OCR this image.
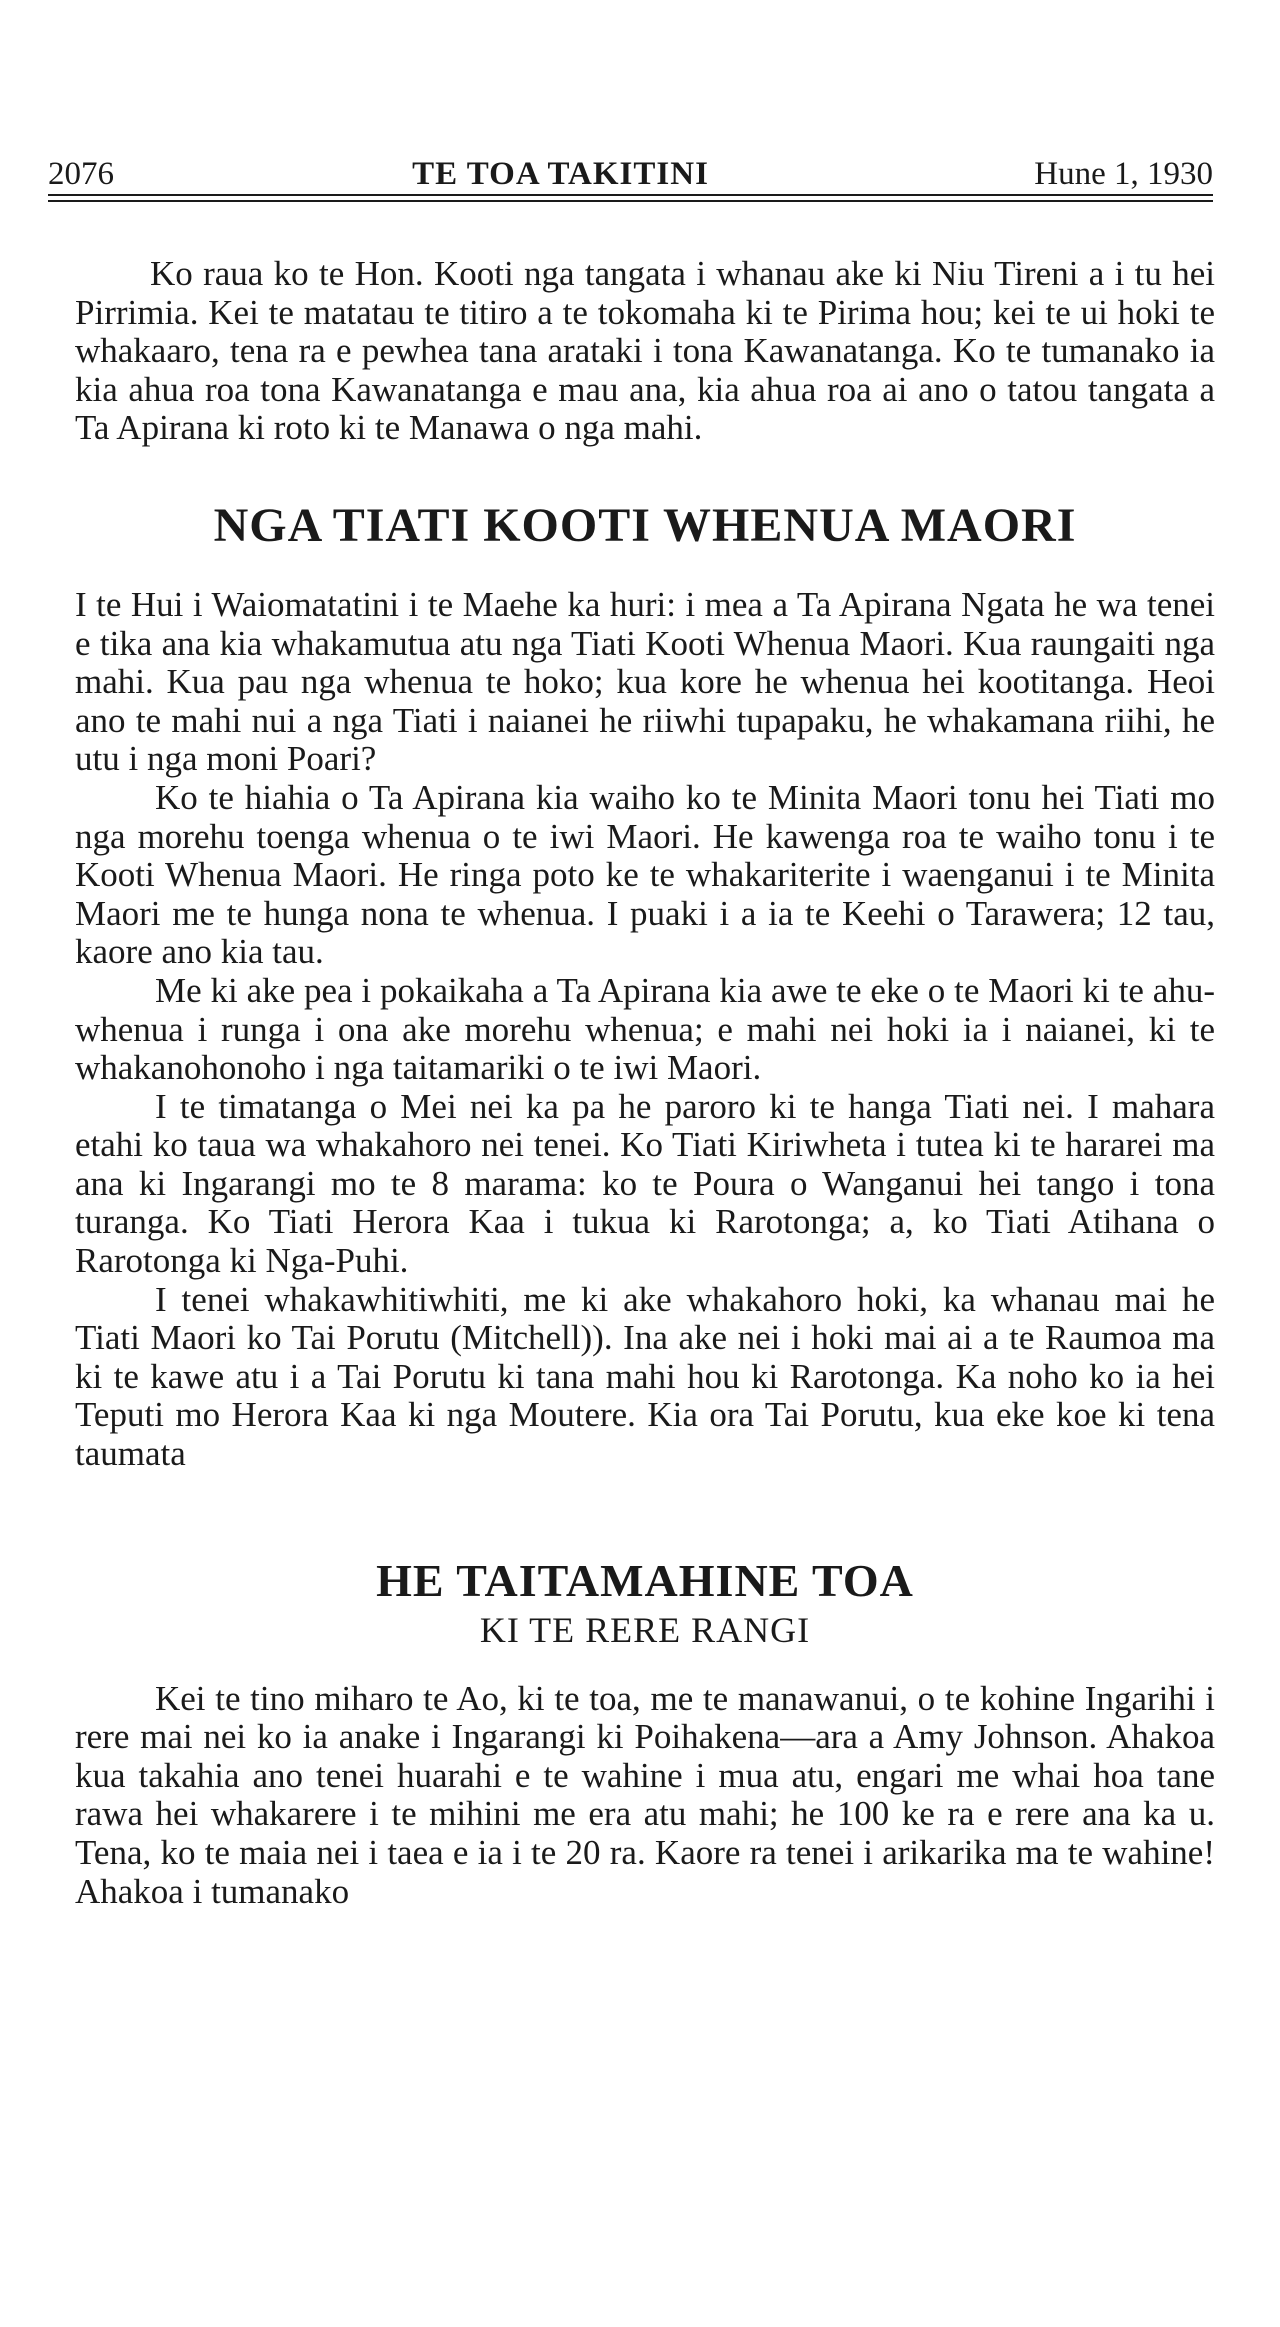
2076	TE TOA TAKITINI	Hune 1, 1930

Ko raua ko te Hon. Kooti nga tangata i whanau ake ki Niu Tireni a i tu hei Pirrimia. Kei te matatau te titiro a te tokomaha ki te Pirima hou; kei te ui hoki te whakaaro, tena ra e pewhea tana arataki i tona Kawanatanga. Ko te tumanako ia kia ahua roa tona Kawanatanga e mau ana, kia ahua roa ai ano o tatou tangata a Ta Apirana ki roto ki te Manawa o nga mahi.

NGA TIATI KOOTI WHENUA MAORI

I te Hui i Waiomatatini i te Maehe ka huri: i mea a Ta Apirana Ngata he wa tenei e tika ana kia whakamutua atu nga Tiati Kooti Whenua Maori. Kua raungaiti nga mahi. Kua pau nga whenua te hoko; kua kore he whenua hei kootitanga. Heoi ano te mahi nui a nga Tiati i naianei he riiwhi tupapaku, he whakamana riihi, he utu i nga moni Poari?

Ko te hiahia o Ta Apirana kia waiho ko te Minita Maori tonu hei Tiati mo nga morehu toenga whenua o te iwi Maori. He kawenga roa te waiho tonu i te Kooti Whenua Maori. He ringa poto ke te whakariterite i waenganui i te Minita Maori me te hunga nona te whenua. I puaki i a ia te Keehi o Tarawera; 12 tau, kaore ano kia tau.

Me ki ake pea i pokaikaha a Ta Apirana kia awe te eke o te Maori ki te ahu-whenua i runga i ona ake morehu whenua; e mahi nei hoki ia i naianei, ki te whakanohonoho i nga taitamariki o te iwi Maori.

I te timatanga o Mei nei ka pa he paroro ki te hanga Tiati nei. I mahara etahi ko taua wa whakahoro nei tenei. Ko Tiati Kiriwheta i tutea ki te hararei ma ana ki Ingarangi mo te 8 marama: ko te Poura o Wanganui hei tango i tona turanga. Ko Tiati Herora Kaa i tukua ki Rarotonga; a, ko Tiati Atihana o Rarotonga ki Nga-Puhi.

I tenei whakawhitiwhiti, me ki ake whakahoro hoki, ka whanau mai he Tiati Maori ko Tai Porutu (Mitchell)). Ina ake nei i hoki mai ai a te Raumoa ma ki te kawe atu i a Tai Porutu ki tana mahi hou ki Rarotonga. Ka noho ko ia hei Teputi mo Herora Kaa ki nga Moutere. Kia ora Tai Porutu, kua eke koe ki tena taumata

HE TAITAMAHINE TOA
KI TE RERE RANGI

Kei te tino miharo te Ao, ki te toa, me te manawanui, o te kohine Ingarihi i rere mai nei ko ia anake i Ingarangi ki Poihakena—ara a Amy Johnson. Ahakoa kua takahia ano tenei huarahi e te wahine i mua atu, engari me whai hoa tane rawa hei whakarere i te mihini me era atu mahi; he 100 ke ra e rere ana ka u. Tena, ko te maia nei i taea e ia i te 20 ra. Kaore ra tenei i arikarika ma te wahine! Ahakoa i tumanako
